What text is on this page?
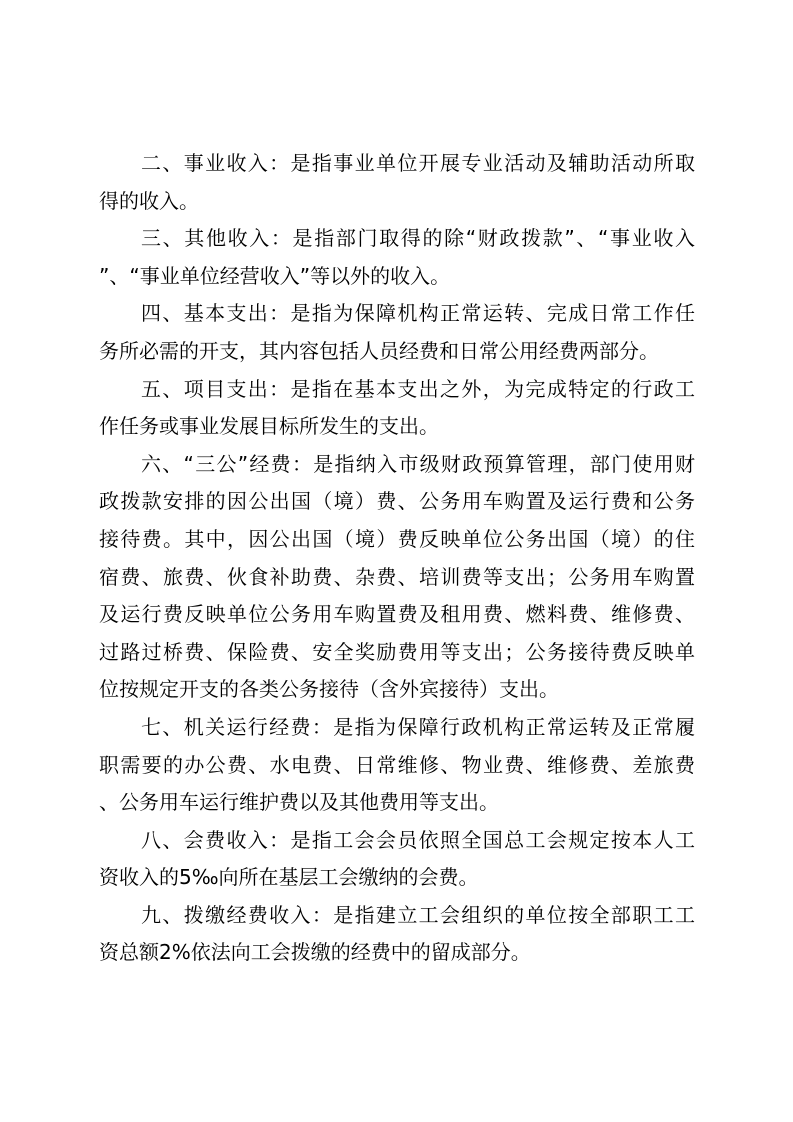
二、事业收入：是指事业单位开展专业活动及辅助活动所取
得的收入。
三、其他收入：是指部门取得的除“财政拨款”、“事业收入
”、“事业单位经营收入”等以外的收入。
四、基本支出：是指为保障机构正常运转、完成日常工作任
务所必需的开支，其内容包括人员经费和日常公用经费两部分。
五、项目支出：是指在基本支出之外，为完成特定的行政工
作任务或事业发展目标所发生的支出。
六、“三公”经费：是指纳入市级财政预算管理，部门使用财
政拨款安排的因公出国（境）费、公务用车购置及运行费和公务
接待费。其中，因公出国（境）费反映单位公务出国（境）的住
宿费、旅费、伙食补助费、杂费、培训费等支出；公务用车购置
及运行费反映单位公务用车购置费及租用费、燃料费、维修费、
过路过桥费、保险费、安全奖励费用等支出；公务接待费反映单
位按规定开支的各类公务接待（含外宾接待）支出。
七、机关运行经费：是指为保障行政机构正常运转及正常履
职需要的办公费、水电费、日常维修、物业费、维修费、差旅费
、公务用车运行维护费以及其他费用等支出。
八、会费收入：是指工会会员依照全国总工会规定按本人工
资收入的5‰向所在基层工会缴纳的会费。
九、拨缴经费收入：是指建立工会组织的单位按全部职工工
资总额2%依法向工会拨缴的经费中的留成部分。
